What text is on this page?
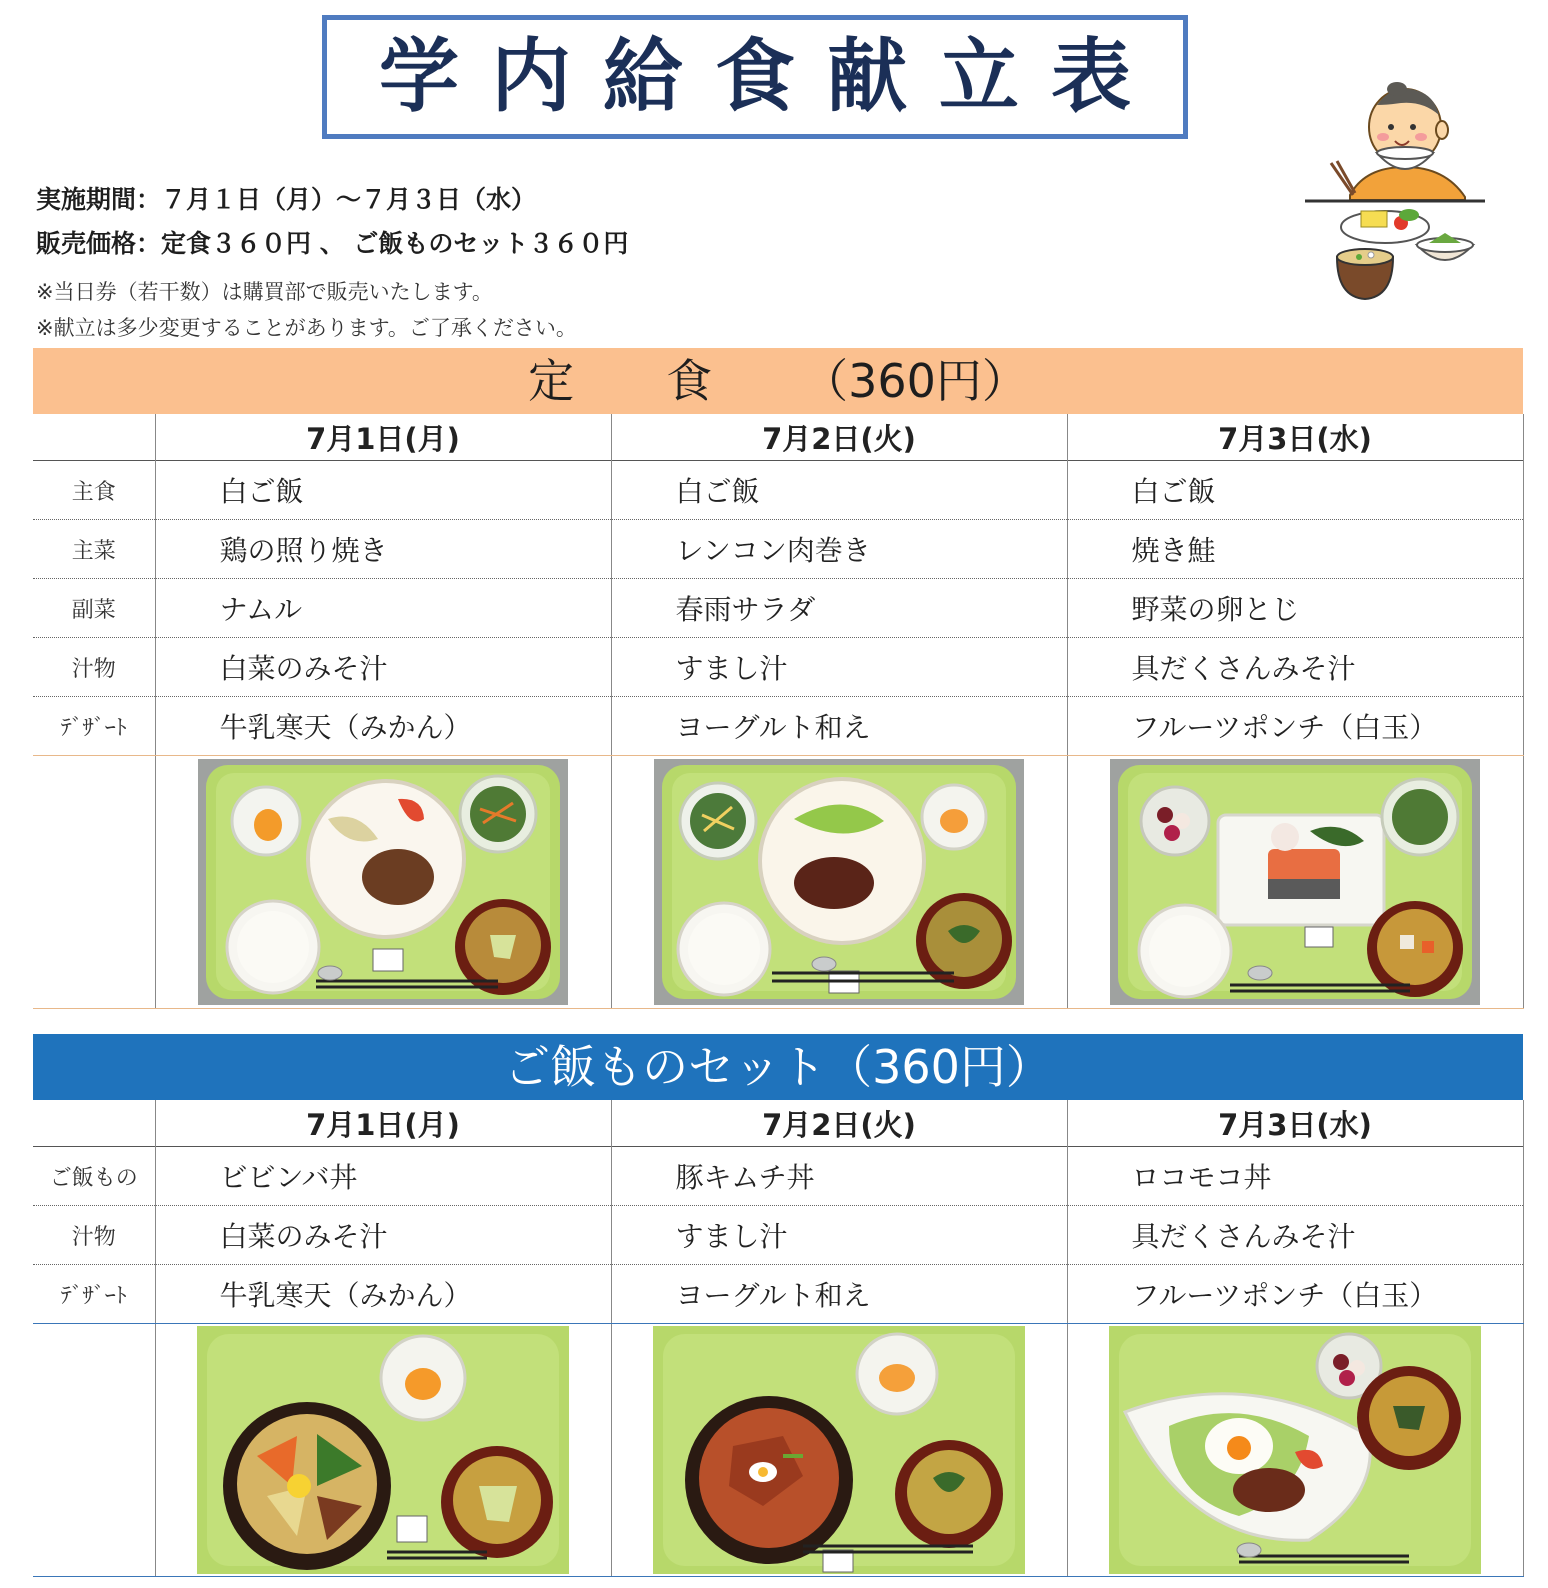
学内給食献立表
実施期間：７月１日（月）～７月３日（水）
販売価格：定食３６０円 、 ご飯ものセット３６０円
※当日券（若干数）は購買部で販売いたします。
※献立は多少変更することがあります。ご了承ください。
定　　食 （360円）			
	7月1日(月)	7月2日(火)	7月3日(水)
主食	白ご飯	白ご飯	白ご飯
主菜	鶏の照り焼き	レンコン肉巻き	焼き鮭
副菜	ナムル	春雨サラダ	野菜の卵とじ
汁物	白菜のみそ汁	すまし汁	具だくさんみそ汁
ﾃﾞｻﾞｰﾄ	牛乳寒天（みかん）	ヨーグルト和え	フルーツポンチ（白玉）

ご飯ものセット（360円）			
	7月1日(月)	7月2日(火)	7月3日(水)
ご飯もの	ビビンバ丼	豚キムチ丼	ロコモコ丼
汁物	白菜のみそ汁	すまし汁	具だくさんみそ汁
ﾃﾞｻﾞｰﾄ	牛乳寒天（みかん）	ヨーグルト和え	フルーツポンチ（白玉）
